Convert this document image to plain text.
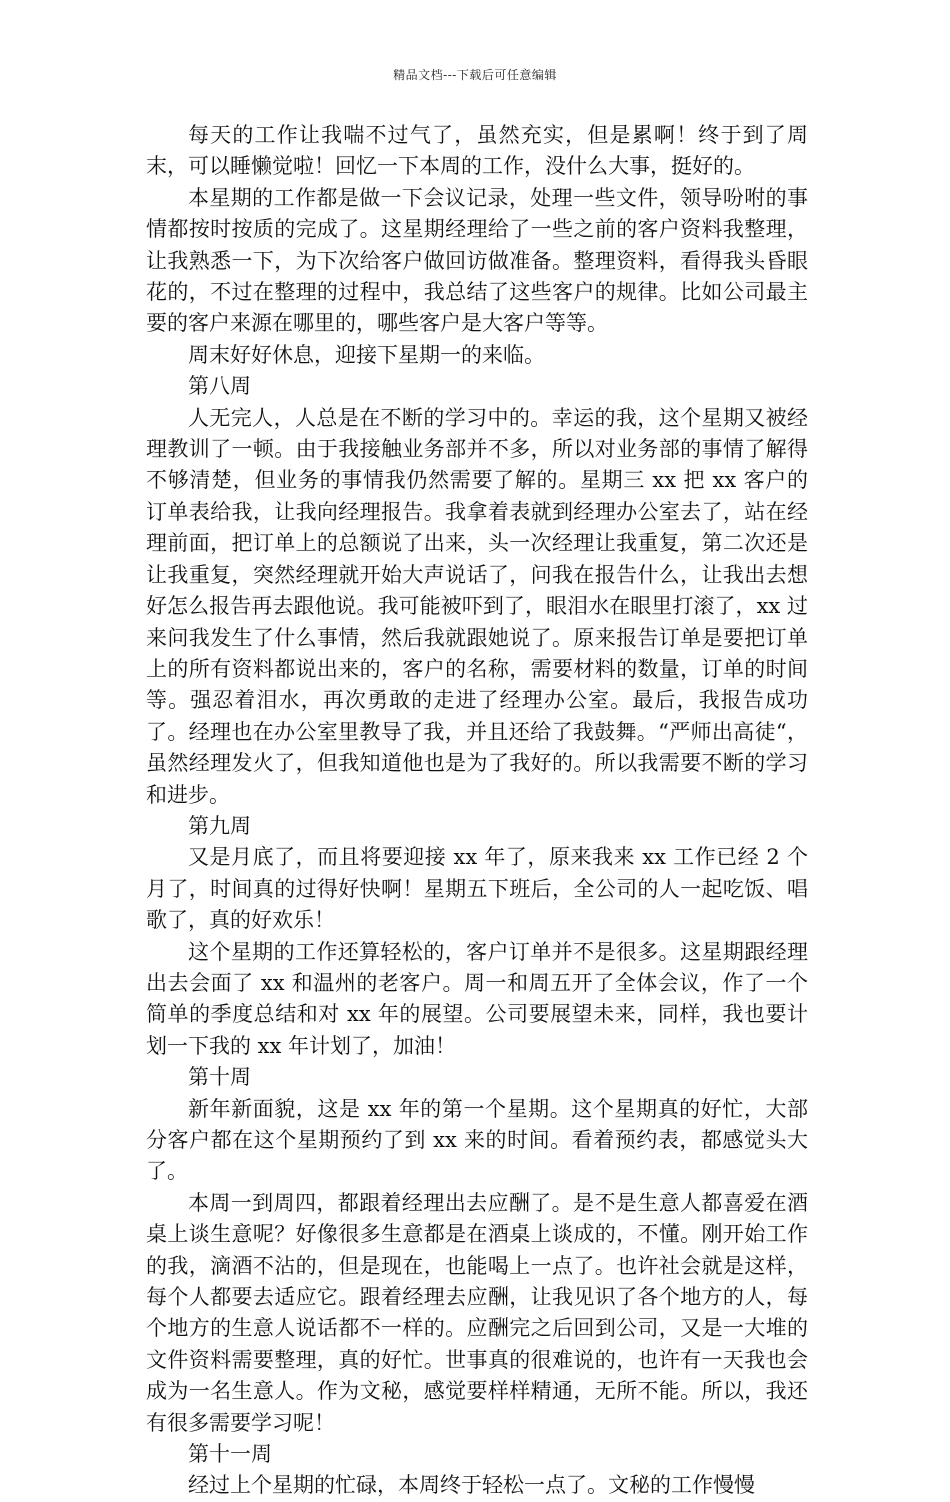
精品文档---下载后可任意编辑

每天的工作让我喘不过气了，虽然充实，但是累啊！终于到了周末，可以睡懒觉啦！回忆一下本周的工作，没什么大事，挺好的。

本星期的工作都是做一下会议记录，处理一些文件，领导吩咐的事情都按时按质的完成了。这星期经理给了一些之前的客户资料我整理，让我熟悉一下，为下次给客户做回访做准备。整理资料，看得我头昏眼花的，不过在整理的过程中，我总结了这些客户的规律。比如公司最主要的客户来源在哪里的，哪些客户是大客户等等。

周末好好休息，迎接下星期一的来临。

第八周

人无完人，人总是在不断的学习中的。幸运的我，这个星期又被经理教训了一顿。由于我接触业务部并不多，所以对业务部的事情了解得不够清楚，但业务的事情我仍然需要了解的。星期三 xx 把 xx 客户的订单表给我，让我向经理报告。我拿着表就到经理办公室去了，站在经理前面，把订单上的总额说了出来，头一次经理让我重复，第二次还是让我重复，突然经理就开始大声说话了，问我在报告什么，让我出去想好怎么报告再去跟他说。我可能被吓到了，眼泪水在眼里打滚了，xx 过来问我发生了什么事情，然后我就跟她说了。原来报告订单是要把订单上的所有资料都说出来的，客户的名称，需要材料的数量，订单的时间等。强忍着泪水，再次勇敢的走进了经理办公室。最后，我报告成功了。经理也在办公室里教导了我，并且还给了我鼓舞。“严师出高徒“，虽然经理发火了，但我知道他也是为了我好的。所以我需要不断的学习和进步。

第九周

又是月底了，而且将要迎接 xx 年了，原来我来 xx 工作已经 2 个月了，时间真的过得好快啊！星期五下班后，全公司的人一起吃饭、唱歌了，真的好欢乐！

这个星期的工作还算轻松的，客户订单并不是很多。这星期跟经理出去会面了 xx 和温州的老客户。周一和周五开了全体会议，作了一个简单的季度总结和对 xx 年的展望。公司要展望未来，同样，我也要计划一下我的 xx 年计划了，加油！

第十周

新年新面貌，这是 xx 年的第一个星期。这个星期真的好忙，大部分客户都在这个星期预约了到 xx 来的时间。看着预约表，都感觉头大了。

本周一到周四，都跟着经理出去应酬了。是不是生意人都喜爱在酒桌上谈生意呢？好像很多生意都是在酒桌上谈成的，不懂。刚开始工作的我，滴酒不沾的，但是现在，也能喝上一点了。也许社会就是这样，每个人都要去适应它。跟着经理去应酬，让我见识了各个地方的人，每个地方的生意人说话都不一样的。应酬完之后回到公司，又是一大堆的文件资料需要整理，真的好忙。世事真的很难说的，也许有一天我也会成为一名生意人。作为文秘，感觉要样样精通，无所不能。所以，我还有很多需要学习呢！

第十一周

经过上个星期的忙碌，本周终于轻松一点了。文秘的工作慢慢
